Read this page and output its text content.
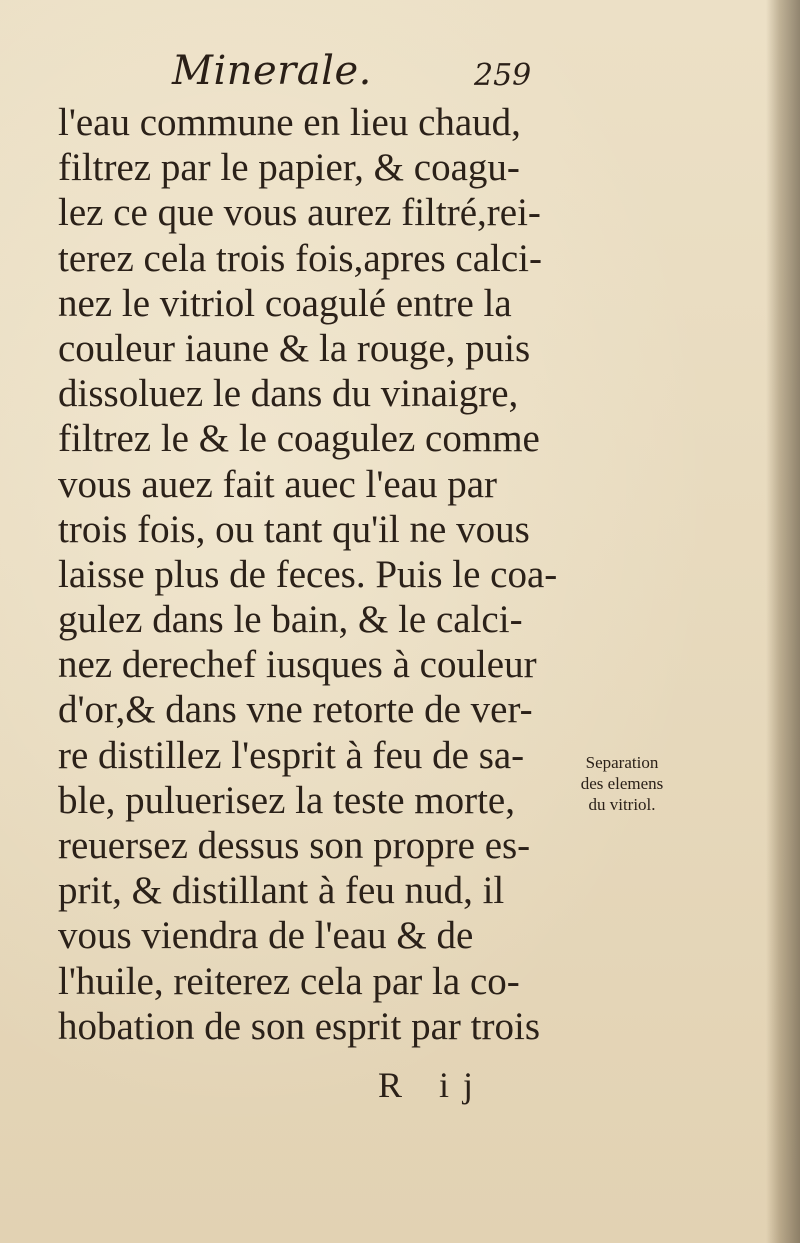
Minerale.	259
l'eau commune en lieu chaud,
filtrez par le papier, & coagu-
lez ce que vous aurez filtré,rei-
terez cela trois fois,apres calci-
nez le vitriol coagulé entre la
couleur iaune & la rouge, puis
dissoluez le dans du vinaigre,
filtrez le & le coagulez comme
vous auez fait auec l'eau par
trois fois, ou tant qu'il ne vous
laisse plus de feces. Puis le coa-
gulez dans le bain, & le calci-
nez derechef iusques à couleur
d'or,& dans vne retorte de ver-
re distillez l'esprit à feu de sa-
ble, puluerisez la teste morte,
reuersez dessus son propre es-
prit, & distillant à feu nud, il
vous viendra de l'eau & de
l'huile, reiterez cela par la co-
hobation de son esprit par trois
Separation
des elemens
du vitriol.
R ij
